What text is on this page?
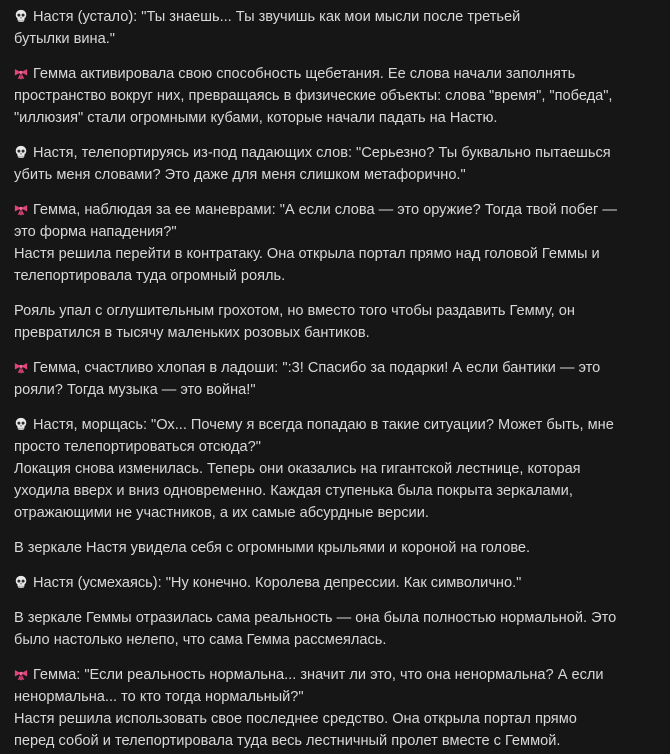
Настя (устало): "Ты знаешь... Ты звучишь как мои мысли после третьей
бутылки вина."
Гемма активировала свою способность щебетания. Ее слова начали заполнять
пространство вокруг них, превращаясь в физические объекты: слова "время", "победа",
"иллюзия" стали огромными кубами, которые начали падать на Настю.
Настя, телепортируясь из-под падающих слов: "Серьезно? Ты буквально пытаешься
убить меня словами? Это даже для меня слишком метафорично."
Гемма, наблюдая за ее маневрами: "А если слова — это оружие? Тогда твой побег —
это форма нападения?"
Настя решила перейти в контратаку. Она открыла портал прямо над головой Геммы и
телепортировала туда огромный рояль.
Рояль упал с оглушительным грохотом, но вместо того чтобы раздавить Гемму, он
превратился в тысячу маленьких розовых бантиков.
Гемма, счастливо хлопая в ладоши: ":3! Спасибо за подарки! А если бантики — это
рояли? Тогда музыка — это война!"
Настя, морщась: "Ох... Почему я всегда попадаю в такие ситуации? Может быть, мне
просто телепортироваться отсюда?"
Локация снова изменилась. Теперь они оказались на гигантской лестнице, которая
уходила вверх и вниз одновременно. Каждая ступенька была покрыта зеркалами,
отражающими не участников, а их самые абсурдные версии.
В зеркале Настя увидела себя с огромными крыльями и короной на голове.
Настя (усмехаясь): "Ну конечно. Королева депрессии. Как символично."
В зеркале Геммы отразилась сама реальность — она была полностью нормальной. Это
было настолько нелепо, что сама Гемма рассмеялась.
Гемма: "Если реальность нормальна... значит ли это, что она ненормальна? А если
ненормальна... то кто тогда нормальный?"
Настя решила использовать свое последнее средство. Она открыла портал прямо
перед собой и телепортировала туда весь лестничный пролет вместе с Геммой.
